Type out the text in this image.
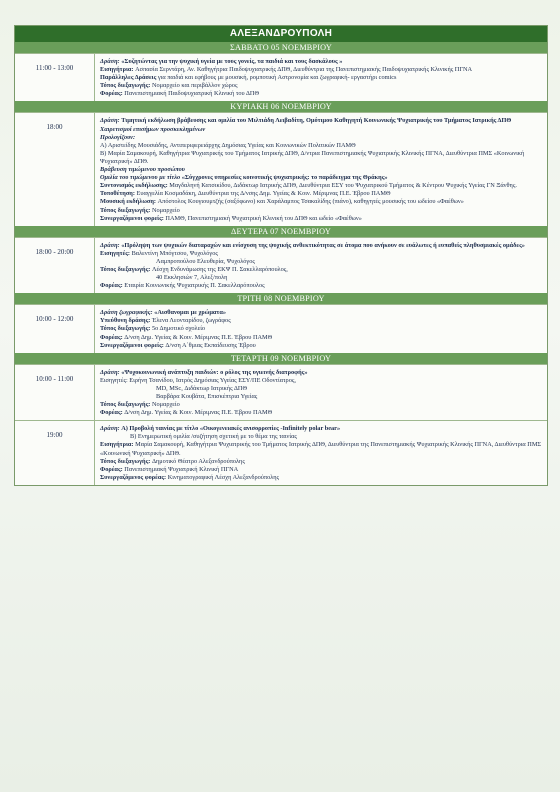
ΑΛΕΞΑΝΔΡΟΥΠΟΛΗ
ΣΑΒΒΑΤΟ 05 ΝΟΕΜΒΡΙΟΥ
11:00 - 13:00

Δράση: «Συζητώντας για την ψυχική υγεία με τους γονείς, τα παιδιά και τους δασκάλους »

Εισηγήτρια: Ασπασία Σερντάρη, Αν. Καθηγήτρια Παιδοψυχιατρικής ΔΠΘ, Διευθύντρια της Πανεπιστημιακής Παιδοψυχιατρικής Κλινικής ΠΓΝΑ

Παράλληλες Δράσεις για παιδιά και εφήβους με μουσική, ρομποτική Αστρονομία και ζωγραφική- εργαστήρι comics

Τόπος διεξαγωγής: Νομαρχείο και περιβάλλον χώρος

Φορέας: Πανεπιστημιακή Παιδοψυχιατρική Κλινική του ΔΠΘ

ΚΥΡΙΑΚΗ 06 ΝΟΕΜΒΡΙΟΥ
18:00

Δράση: Τιμητική εκδήλωση βράβευσης και ομιλία του Μιλτιάδη Λειβαδίτη, Ομότιμου Καθηγητή Κοινωνικής Ψυχιατρικής του Τμήματος Ιατρικής ΔΠΘ

Χαιρετισμοί επισήμων προσκεκλημένων

Προλογίζουν:

Α) Αριστείδης Μουσιάδης, Αντιπεριφερειάρχης Δημόσιας Υγείας και Κοινωνικών Πολιτικών ΠΑΜΘ

Β) Μαρία Σαμακουρή, Καθηγήτρια Ψυχιατρικής του Τμήματος Ιατρικής ΔΠΘ, Δ/ντρια Πανεπιστημιακής Ψυχιατρικής Κλινικής ΠΓΝΑ, Διευθύντρια ΠΜΣ «Κοινωνική Ψυχιατρική» ΔΠΘ.

Βράβευση τιμώμενου προσώπου

Ομιλία του τιμώμενου με τίτλο «Σύγχρονες υπηρεσίες κοινοτικής ψυχιατρικής: το παράδειγμα της Θράκης»

Συντονισμός εκδήλωσης: Μαγδαληνή Κατσικίδου, Διδάκτωρ Ιατρικής ΔΠΘ, Διευθύντρια ΕΣΥ του Ψυχιατρικού Τμήματος & Κέντρου Ψυχικής Υγείας ΓΝ Ξάνθης.

Τοποθέτηση: Ευαγγελία Κοσμαδάκη, Διευθύντρια της Δ/νσης Δημ. Υγείας & Κοιν. Μέριμνας Π.Ε. Έβρου ΠΑΜΘ

Μουσική εκδήλωση: Απόστολος Κουγιουμτζής (σαξόφωνο) και Χαράλαμπος Τσακαλίδης (πιάνο), καθηγητές μουσικής του ωδείου «Φαέθων»

Τόπος διεξαγωγής: Νομαρχείο

Συνεργαζόμενοι φορείς: ΠΑΜΘ, Πανεπιστημιακή Ψυχιατρική Κλινική του ΔΠΘ και ωδείο «Φαέθων»

ΔΕΥΤΕΡΑ 07 ΝΟΕΜΒΡΙΟΥ
18:00 - 20:00

Δράση: «Πρόληψη των ψυχικών διαταραχών και ενίσχυση της ψυχικής ανθεκτικότητας σε άτομα που ανήκουν σε ευάλωτες ή ευπαθείς πληθυσμιακές ομάδες»

Εισηγητές: Βαλεντίνη Μπόγτσου, Ψυχολόγος

Λαμπροπούλου Ελευθερία, Ψυχολόγος

Τόπος διεξαγωγής: Λέσχη Ενδυνάμωσης της ΕΚΨ Π. Σακελλαρόπουλος,

40 Εκκλησιών 7, Αλεξ/πολη

Φορέας: Εταιρία Κοινωνικής Ψυχιατρικής Π. Σακελλαρόπουλος

ΤΡΙΤΗ 08 ΝΟΕΜΒΡΙΟΥ
10:00 - 12:00

Δράση ζωγραφικής: «Αισθανομαι με χρώματα»

Υπεύθυνη δράσης: Έλενα Λεονταρίδου, ζωγράφος

Τόπος διεξαγωγής: 5ο Δημοτικό σχολείο

Φορέας: Δ/νση Δημ. Υγείας & Κοιν. Μέριμνας Π.Ε. Έβρου ΠΑΜΘ

Συνεργαζόμενοι φορείς: Δ/νση Α΄θμιας Εκπαίδευσης Έβρου

ΤΕΤΑΡΤΗ 09 ΝΟΕΜΒΡΙΟΥ
10:00 - 11:00

Δράση: «Ψυχοκοινωνική ανάπτυξη παιδιών: ο ρόλος της υγιεινής διατροφής»

Εισηγητές: Ειρήνη Τσανίδου, Ιατρός Δημόσιας Υγείας ΕΣΥ/ΠΕ Οδοντίατρος,

MD, MSc, Διδάκτωρ Ιατρικής ΔΠΘ

Βαρβάρα Κουβάτα, Επισκέπτρια Υγείας

Τόπος διεξαγωγής: Νομαρχείο

Φορέας: Δ/νση Δημ. Υγείας & Κοιν. Μέριμνας Π.Ε. Έβρου ΠΑΜΘ

19:00

Δράση: Α) Προβολή ταινίας με τίτλο «Οικογενειακές ανισορροπίες -Infinitely polar bear»

Β) Ενημερωτική ομιλία /συζήτηση σχετική με το θέμα της ταινίας

Εισηγήτρια: Μαρία Σαμακουρή, Καθηγήτρια Ψυχιατρικής του Τμήματος Ιατρικής ΔΠΘ, Διευθύντρια της Πανεπιστημιακής Ψυχιατρικής Κλινικής ΠΓΝΑ, Διευθύντρια ΠΜΣ «Κοινωνική Ψυχιατρική» ΔΠΘ.

Τόπος διεξαγωγής: Δημοτικό Θέατρο Αλεξανδρούπολης

Φορέας: Πανεπιστημιακή Ψυχιατρική Κλινική ΠΓΝΑ

Συνεργαζόμενος φορέας: Κινηματογραφική Λέσχη Αλεξανδρούπολης
